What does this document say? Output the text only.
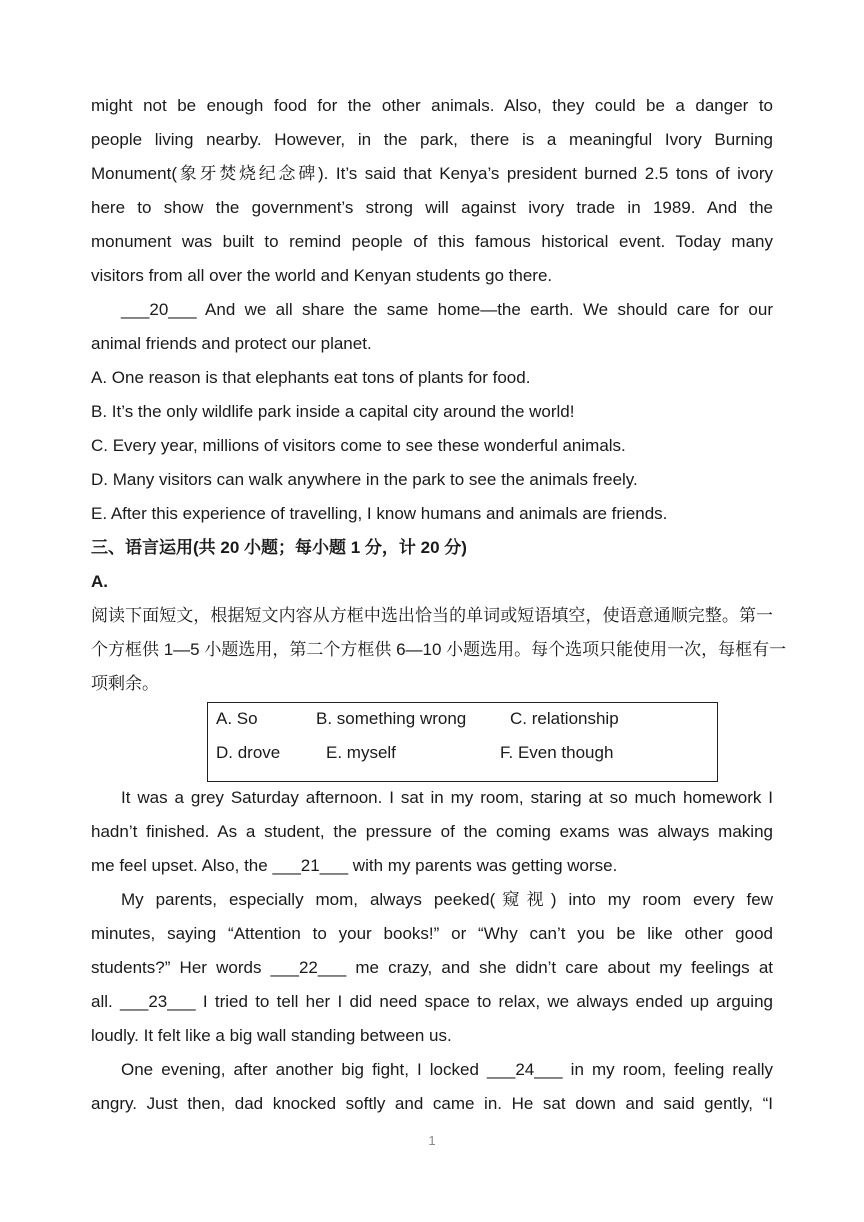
might not be enough food for the other animals. Also, they could be a danger to
people living nearby. However, in the park, there is a meaningful Ivory Burning
Monument(象牙焚烧纪念碑). It’s said that Kenya’s president burned 2.5 tons of ivory
here to show the government’s strong will against ivory trade in 1989. And the
monument was built to remind people of this famous historical event. Today many
visitors from all over the world and Kenyan students go there.
___20___ And we all share the same home—the earth. We should care for our
animal friends and protect our planet.
A. One reason is that elephants eat tons of plants for food.
B. It’s the only wildlife park inside a capital city around the world!
C. Every year, millions of visitors come to see these wonderful animals.
D. Many visitors can walk anywhere in the park to see the animals freely.
E. After this experience of travelling, I know humans and animals are friends.
三、语言运用(共 20 小题；每小题 1 分，计 20 分)
A.
阅读下面短文，根据短文内容从方框中选出恰当的单词或短语填空，使语意通顺完整。第一
个方框供 1—5 小题选用，第二个方框供 6—10 小题选用。每个选项只能使用一次，每框有一
项剩余。
A. So	B. something wrong	C. relationship
D. drove	E. myself	F. Even though
It was a grey Saturday afternoon. I sat in my room, staring at so much homework I
hadn’t finished. As a student, the pressure of the coming exams was always making
me feel upset. Also, the ___21___ with my parents was getting worse.
My parents, especially mom, always peeked(窥视) into my room every few
minutes, saying “Attention to your books!” or “Why can’t you be like other good
students?” Her words ___22___ me crazy, and she didn’t care about my feelings at
all. ___23___ I tried to tell her I did need space to relax, we always ended up arguing
loudly. It felt like a big wall standing between us.
One evening, after another big fight, I locked ___24___ in my room, feeling really
angry. Just then, dad knocked softly and came in. He sat down and said gently, “I
1
